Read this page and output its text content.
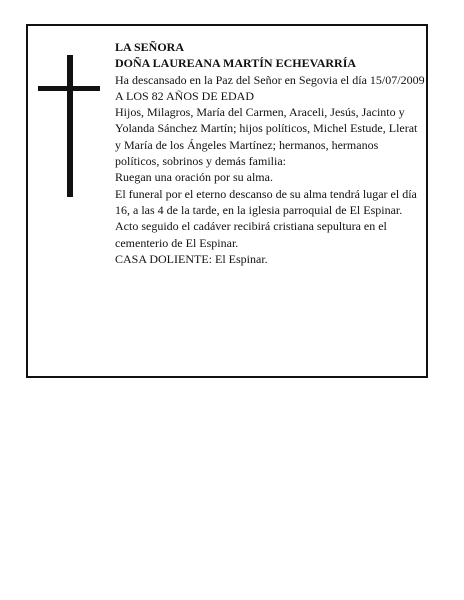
LA SEÑORA

DOÑA LAUREANA MARTÍN ECHEVARRÍA

Ha descansado en la Paz del Señor en Segovia el día 15/07/2009

A LOS 82 AÑOS DE EDAD

Hijos, Milagros, María del Carmen, Araceli, Jesús, Jacinto y Yolanda Sánchez Martín; hijos políticos, Michel Estude, Llerat y María de los Ángeles Martínez; hermanos, hermanos políticos, sobrinos y demás familia:

Ruegan una oración por su alma.

El funeral por el eterno descanso de su alma tendrá lugar el día 16, a las 4 de la tarde, en la iglesia parroquial de El Espinar. Acto seguido el cadáver recibirá cristiana sepultura en el cementerio de El Espinar.

CASA DOLIENTE: El Espinar.
